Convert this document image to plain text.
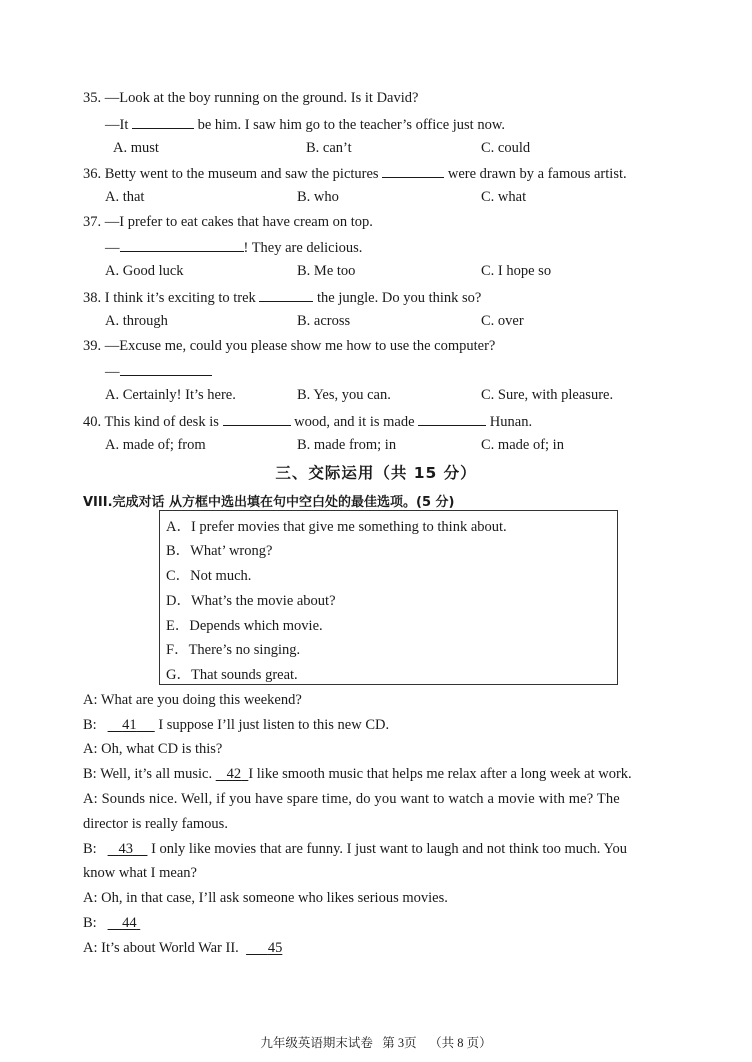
35. —Look at the boy running on the ground. Is it David?
—It	be him. I saw him go to the teacher’s office just now.
A. must	B. can’t	C. could
36. Betty went to the museum and saw the pictures	were drawn by a famous artist.
A. that	B. who	C. what
37. —I prefer to eat cakes that have cream on top.
—	! They are delicious.
A. Good luck	B. Me too	C. I hope so
38. I think it’s exciting to trek	the jungle. Do you think so?
A. through	B. across	C. over
39. —Excuse me, could you please show me how to use the computer?
—
A. Certainly! It’s here.	B. Yes, you can.	C. Sure, with pleasure.
40. This kind of desk is	wood, and it is made	Hunan.
A. made of; from	B. made from; in	C. made of; in
三、交际运用（共 15 分）
VIII.完成对话 从方框中选出填在句中空白处的最佳选项。(5 分)
A．I prefer movies that give me something to think about.
B．What’ wrong?
C．Not much.
D．What’s the movie about?
E．Depends which movie.
F．There’s no singing.
G．That sounds great.
A: What are you doing this weekend?
B: 41      I suppose I’ll just listen to this new CD.
A: Oh, what CD is this?
B: Well, it’s all music. 42 I like smooth music that helps me relax after a long week at work.
A: Sounds nice. Well, if you have spare time, do you want to watch a movie with me? The
director is really famous.
B: 43     I only like movies that are funny. I just want to laugh and not think too much. You
know what I mean?
A: Oh, in that case, I’ll ask someone who likes serious movies.
B: 44
A: It’s about World War II. 45
九年级英语期末试卷   第 3页    （共 8 页）
